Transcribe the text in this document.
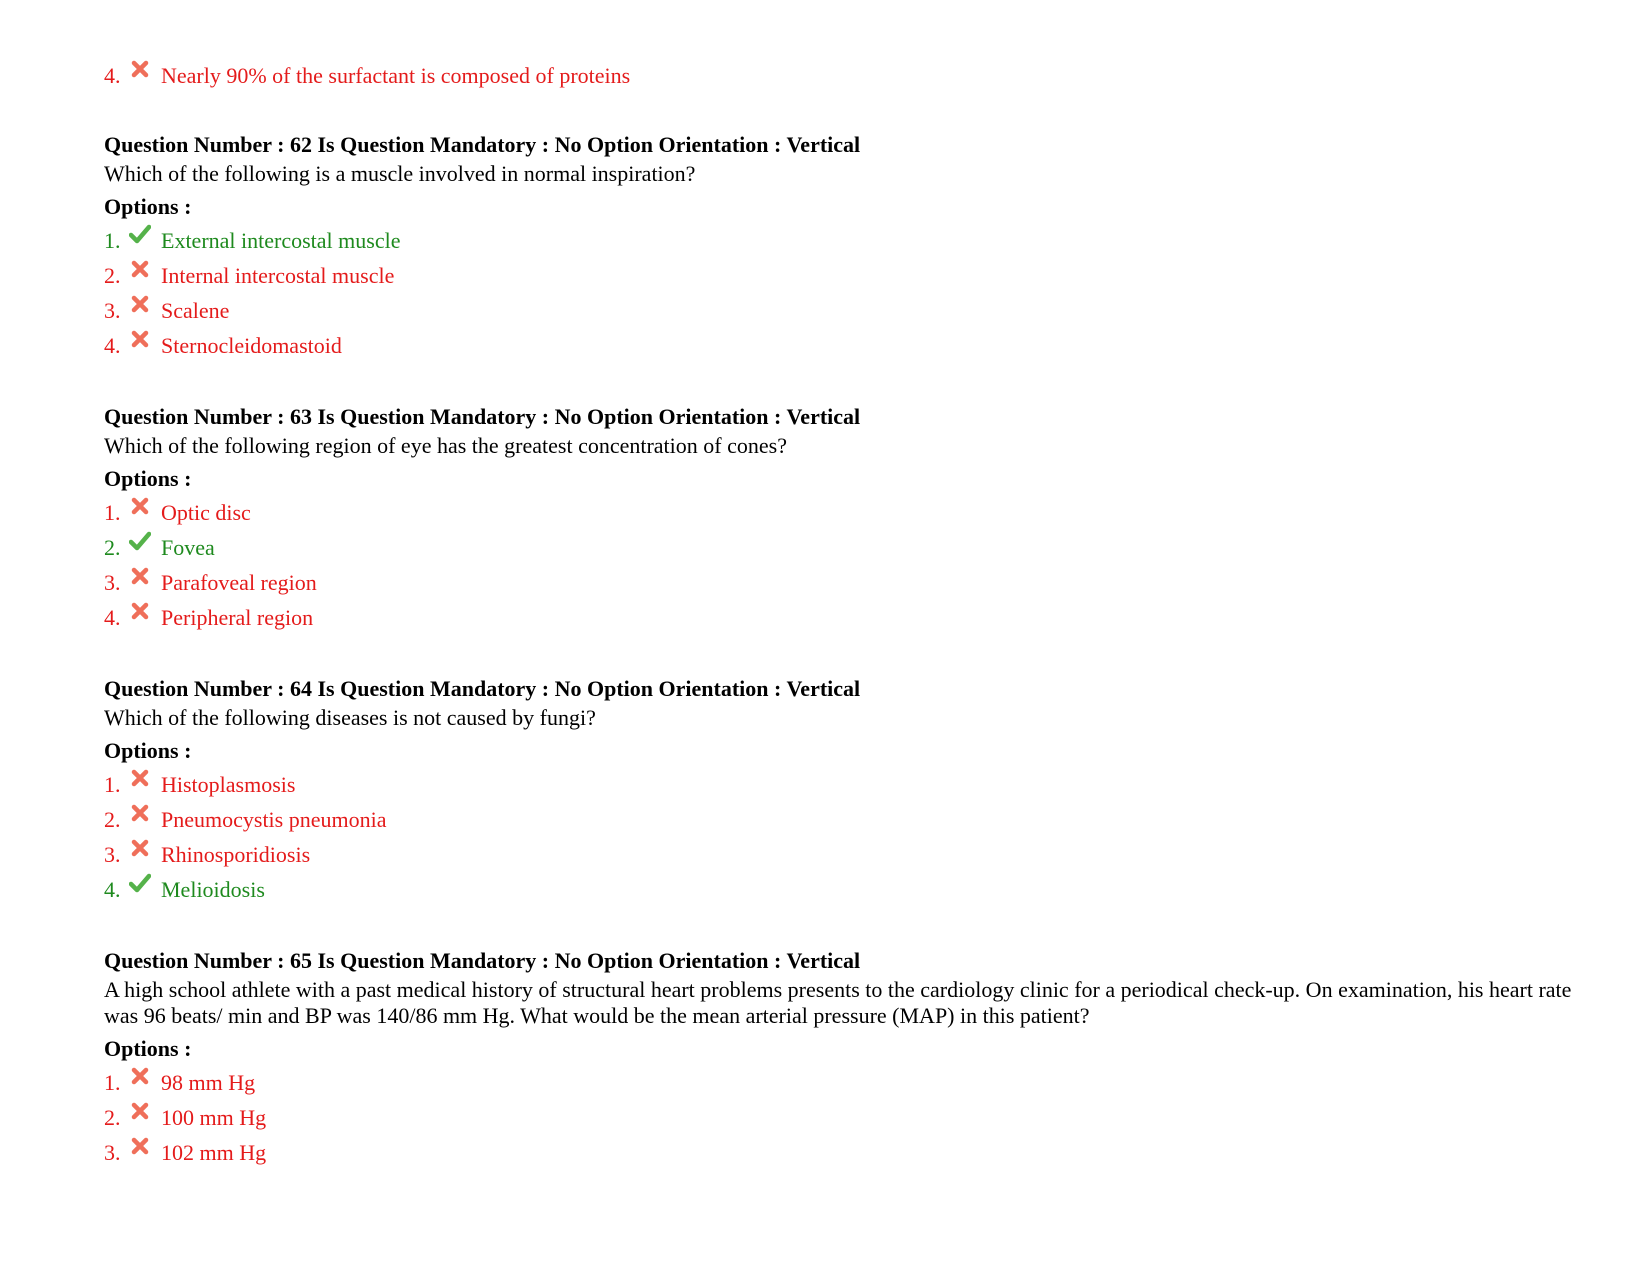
4.	Nearly 90% of the surfactant is composed of proteins
Question Number : 62 Is Question Mandatory : No Option Orientation : Vertical
Which of the following is a muscle involved in normal inspiration?
Options :
1.	External intercostal muscle
2.	Internal intercostal muscle
3.	Scalene
4.	Sternocleidomastoid
Question Number : 63 Is Question Mandatory : No Option Orientation : Vertical
Which of the following region of eye has the greatest concentration of cones?
Options :
1.	Optic disc
2.	Fovea
3.	Parafoveal region
4.	Peripheral region
Question Number : 64 Is Question Mandatory : No Option Orientation : Vertical
Which of the following diseases is not caused by fungi?
Options :
1.	Histoplasmosis
2.	Pneumocystis pneumonia
3.	Rhinosporidiosis
4.	Melioidosis
Question Number : 65 Is Question Mandatory : No Option Orientation : Vertical
A high school athlete with a past medical history of structural heart problems presents to the cardiology clinic for a periodical check-up. On examination, his heart rate was 96 beats/ min and BP was 140/86 mm Hg. What would be the mean arterial pressure (MAP) in this patient?
Options :
1.	98 mm Hg
2.	100 mm Hg
3.	102 mm Hg
